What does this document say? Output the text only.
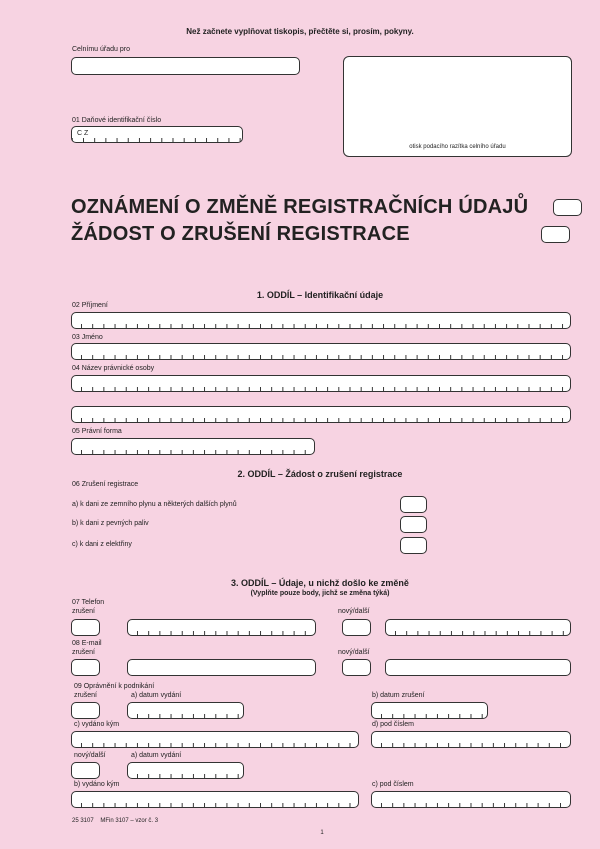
Než začnete vyplňovat tiskopis, přečtěte si, prosím, pokyny.
Celnímu úřadu pro
otisk podacího razítka celního úřadu
01 Daňové identifikační číslo
C Z
OZNÁMENÍ O ZMĚNĚ REGISTRAČNÍCH ÚDAJŮ
ŽÁDOST O ZRUŠENÍ REGISTRACE
1. ODDÍL – Identifikační údaje
02 Příjmení
03 Jméno
04 Název právnické osoby
05 Právní forma
2. ODDÍL – Žádost o zrušení registrace
06 Zrušení registrace
a) k dani ze zemního plynu a některých dalších plynů
b) k dani z pevných paliv
c) k dani z elektřiny
3. ODDÍL – Údaje, u nichž došlo ke změně
(Vyplňte pouze body, jichž se změna týká)
07 Telefon
zrušení	nový/další
08 E-mail
zrušení	nový/další
09 Oprávnění k podnikání
zrušení	a) datum vydání	b) datum zrušení
c) vydáno kým	d) pod číslem
nový/další	a) datum vydání
b) vydáno kým	c) pod číslem
25 3107    MFin 3107 – vzor č. 3
1
